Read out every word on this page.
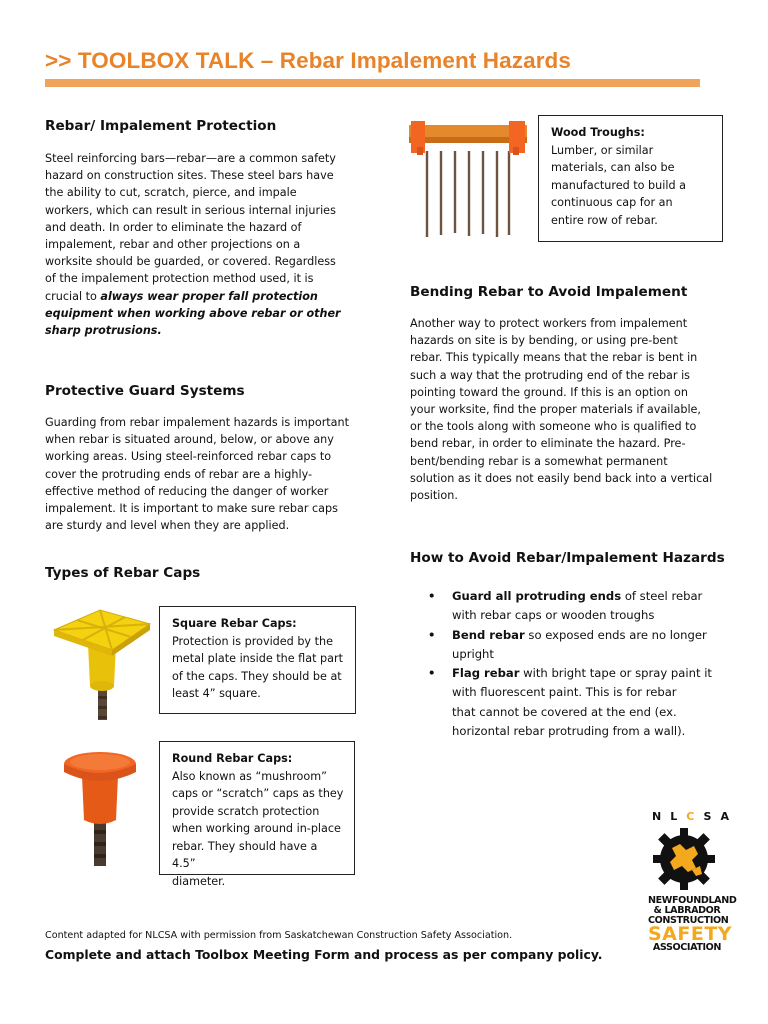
>> TOOLBOX TALK – Rebar Impalement Hazards
Rebar/ Impalement Protection
Steel reinforcing bars—rebar—are a common safety
hazard on construction sites. These steel bars have
the ability to cut, scratch, pierce, and impale
workers, which can result in serious internal injuries
and death. In order to eliminate the hazard of
impalement, rebar and other projections on a
worksite should be guarded, or covered. Regardless
of the impalement protection method used, it is
crucial to always wear proper fall protection
equipment when working above rebar or other
sharp protrusions.
Protective Guard Systems
Guarding from rebar impalement hazards is important
when rebar is situated around, below, or above any
working areas. Using steel-reinforced rebar caps to
cover the protruding ends of rebar are a highly-
effective method of reducing the danger of worker
impalement. It is important to make sure rebar caps
are sturdy and level when they are applied.
Types of Rebar Caps
Square Rebar Caps:
Protection is provided by the
metal plate inside the flat part
of the caps. They should be at
least 4” square.
Round Rebar Caps:
Also known as “mushroom”
caps or “scratch” caps as they
provide scratch protection
when working around in-place
rebar. They should have a 4.5”
diameter.
Wood Troughs:
Lumber, or similar
materials, can also be
manufactured to build a
continuous cap for an
entire row of rebar.
Bending Rebar to Avoid Impalement
Another way to protect workers from impalement
hazards on site is by bending, or using pre-bent
rebar. This typically means that the rebar is bent in
such a way that the protruding end of the rebar is
pointing toward the ground. If this is an option on
your worksite, find the proper materials if available,
or the tools along with someone who is qualified to
bend rebar, in order to eliminate the hazard. Pre-
bent/bending rebar is a somewhat permanent
solution as it does not easily bend back into a vertical
position.
How to Avoid Rebar/Impalement Hazards
• Guard all protruding ends of steel rebar
with rebar caps or wooden troughs
• Bend rebar so exposed ends are no longer
upright
• Flag rebar with bright tape or spray paint it
with fluorescent paint. This is for rebar
that cannot be covered at the end (ex.
horizontal rebar protruding from a wall).
NLCSA
NEWFOUNDLAND
& LABRADOR
CONSTRUCTION
SAFETY
ASSOCIATION
Content adapted for NLCSA with permission from Saskatchewan Construction Safety Association.
Complete and attach Toolbox Meeting Form and process as per company policy.
